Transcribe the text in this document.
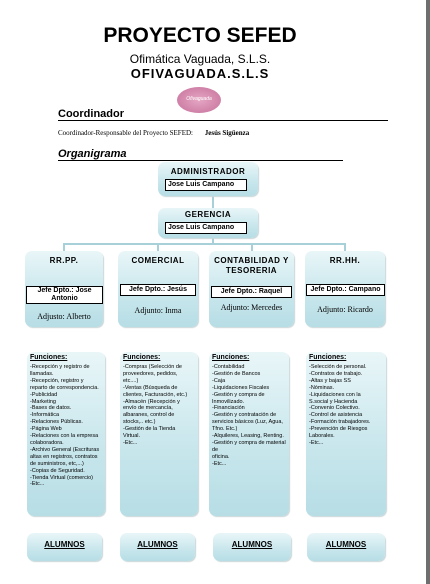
PROYECTO SEFED
Ofimática Vaguada, S.L.S.
OFIVAGUADA.S.L.S
Ofivaguada
Coordinador
Coordinador-Responsable del Proyecto SEFED: Jesús Sigüenza
Organigrama
ADMINISTRADOR
Jose Luis Campano
GERENCIA
Jose Luis Campano
RR.PP.
Jefe Dpto.: Jose Antonio
Adjusto: Alberto
COMERCIAL
Jefe Dpto.: Jesús
Adjunto: Inma
CONTABILIDAD Y TESORERIA
Jefe Dpto.: Raquel
Adjunto: Mercedes
RR.HH.
Jefe Dpto.: Campano
Adjunto: Ricardo
Funciones:
-Recepción y registro de
llamadas.
-Recepción, registro y
reparto de correspondencia.
-Publicidad
-Marketing
-Bases de datos.
-Informática
-Relaciones Públicas.
-Página Web
-Relaciones con la empresa
colaboradora.
-Archivo General (Escrituras
altas en registros, contratos
de suministros, etc,...)
-Copias de Seguridad.
-Tienda Virtual (comercio)
-Etc...
Funciones:
-Compras (Selección de
proveedores, pedidos,
etc....)
-Ventas (Búsqueda de
clientes, Facturación, etc.)
-Almacén (Recepción y
envío de mercancía,
albaranes, control de
stocks,.. etc.)
-Gestión de la Tienda
Virtual.
-Etc...
Funciones:
-Contabilidad
-Gestión de Bancos
-Caja
-Liquidaciones Fiscales
-Gestión y compra de
Inmovilizado.
-Financiación
-Gestión y contratación de
servicios básicos (Luz, Agua,
Tfno. Etc.)
-Alquileres, Leasing, Renting.
-Gestión y compra de material de
oficina.
-Etc...
Funciones:
-Selección de personal.
-Contratos de trabajo.
-Altas y bajas SS
-Nóminas.
-Liquidaciones con la
S.social y Hacienda
-Convenio Colectivo.
-Control de asistencia
-Formación trabajadores.
-Prevención de Riesgos
Laborales.
-Etc...
ALUMNOS	ALUMNOS	ALUMNOS	ALUMNOS
